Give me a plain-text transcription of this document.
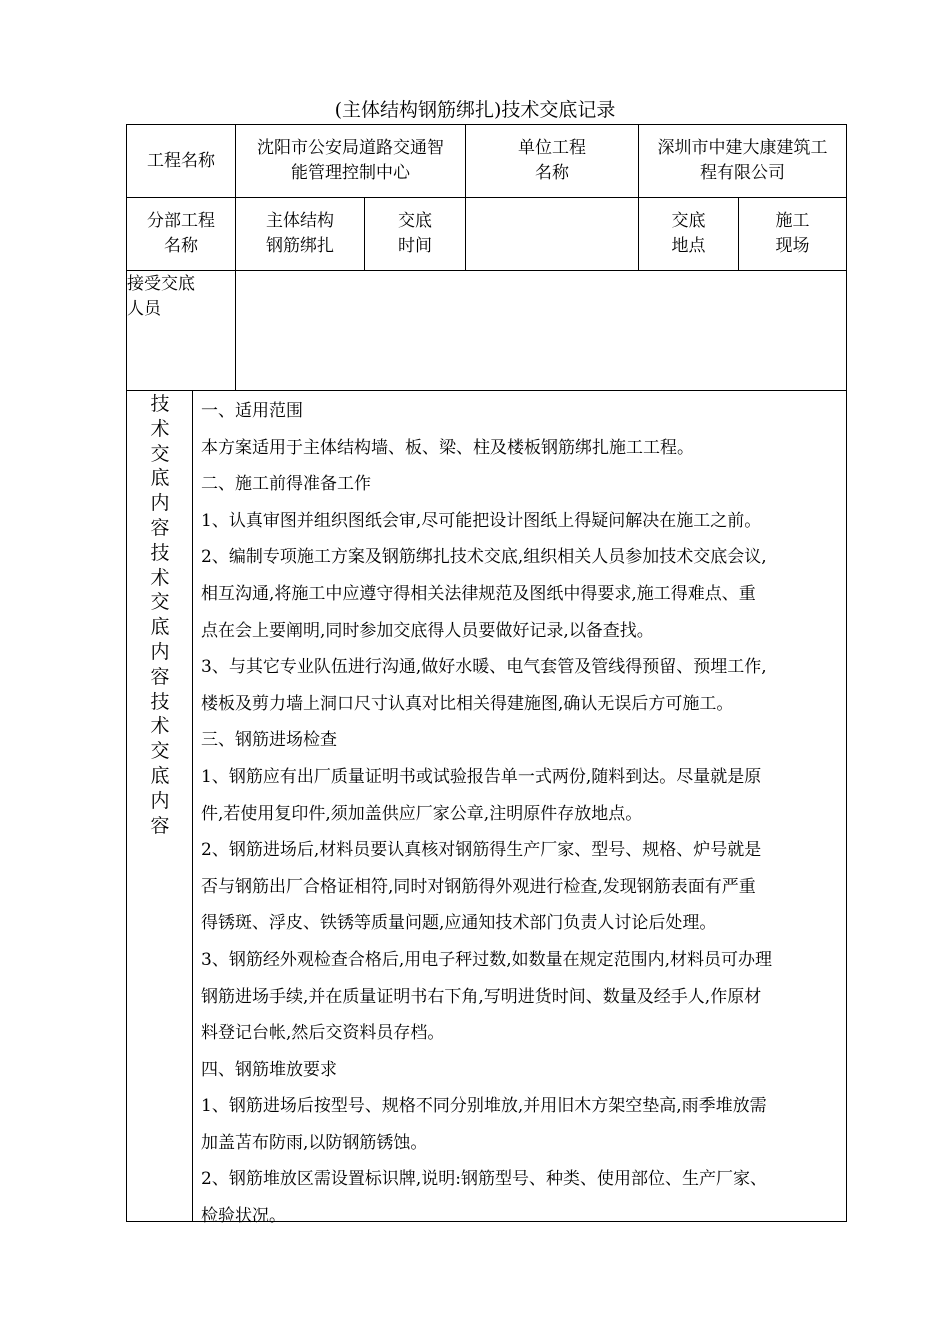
(主体结构钢筋绑扎)技术交底记录
工程名称
沈阳市公安局道路交通智
能管理控制中心
单位工程
名称
深圳市中建大康建筑工
程有限公司
分部工程
名称
主体结构
钢筋绑扎
交底
时间
交底
地点
施工
现场
接受交底
人员
技
术
交
底
内
容
技
术
交
底
内
容
技
术
交
底
内
容

一、适用范围

本方案适用于主体结构墙、板、梁、柱及楼板钢筋绑扎施工工程。

二、施工前得准备工作

1、认真审图并组织图纸会审,尽可能把设计图纸上得疑问解决在施工之前。

2、编制专项施工方案及钢筋绑扎技术交底,组织相关人员参加技术交底会议,

相互沟通,将施工中应遵守得相关法律规范及图纸中得要求,施工得难点、重

点在会上要阐明,同时参加交底得人员要做好记录,以备查找。

3、与其它专业队伍进行沟通,做好水暖、电气套管及管线得预留、预埋工作,

楼板及剪力墙上洞口尺寸认真对比相关得建施图,确认无误后方可施工。

三、钢筋进场检查

1、钢筋应有出厂质量证明书或试验报告单一式两份,随料到达。尽量就是原

件,若使用复印件,须加盖供应厂家公章,注明原件存放地点。

2、钢筋进场后,材料员要认真核对钢筋得生产厂家、型号、规格、炉号就是

否与钢筋出厂合格证相符,同时对钢筋得外观进行检查,发现钢筋表面有严重

得锈斑、浮皮、铁锈等质量问题,应通知技术部门负责人讨论后处理。

3、钢筋经外观检查合格后,用电子秤过数,如数量在规定范围内,材料员可办理

钢筋进场手续,并在质量证明书右下角,写明进货时间、数量及经手人,作原材

料登记台帐,然后交资料员存档。

四、钢筋堆放要求

1、钢筋进场后按型号、规格不同分别堆放,并用旧木方架空垫高,雨季堆放需

加盖苫布防雨,以防钢筋锈蚀。

2、钢筋堆放区需设置标识牌,说明:钢筋型号、种类、使用部位、生产厂家、

检验状况。
